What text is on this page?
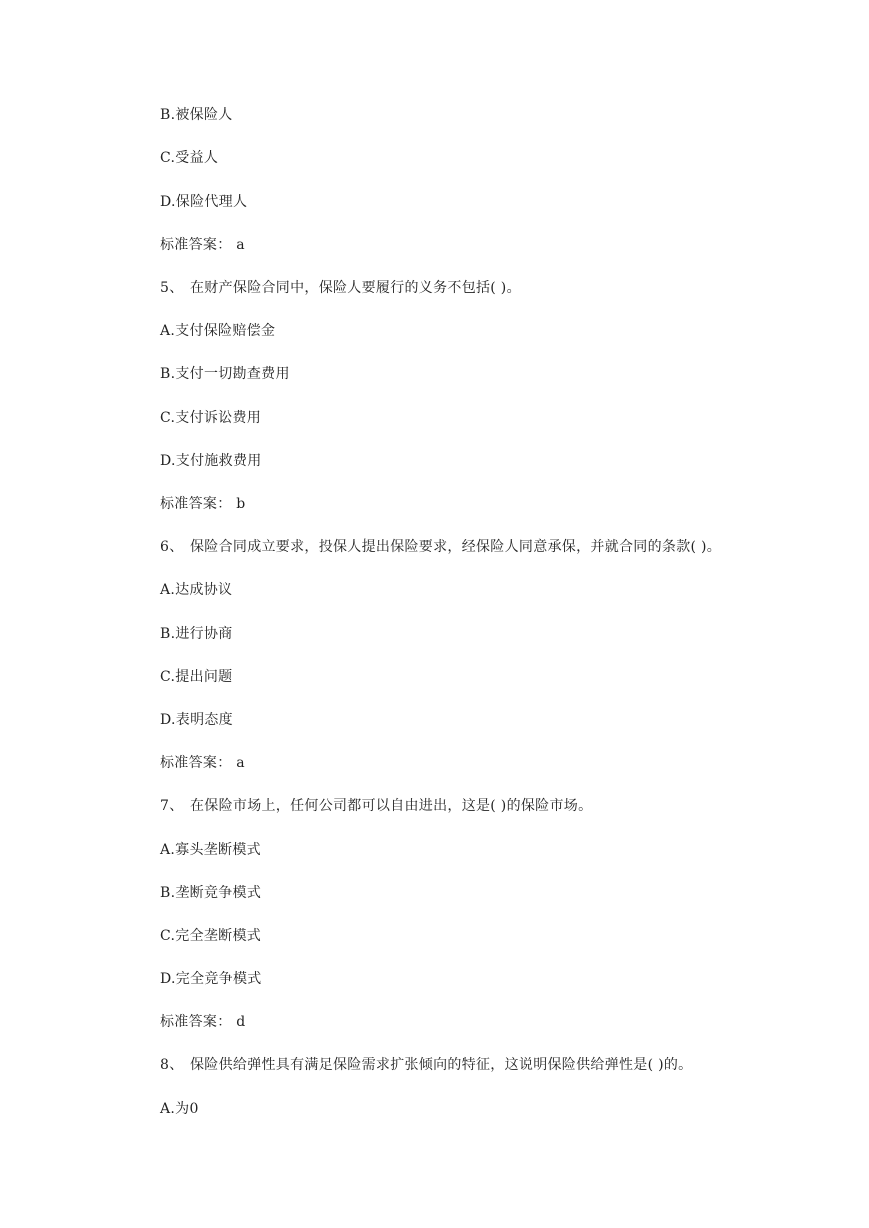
B.被保险人
C.受益人
D.保险代理人
标准答案： a
5、 在财产保险合同中，保险人要履行的义务不包括( )。
A.支付保险赔偿金
B.支付一切勘查费用
C.支付诉讼费用
D.支付施救费用
标准答案： b
6、 保险合同成立要求，投保人提出保险要求，经保险人同意承保，并就合同的条款( )。
A.达成协议
B.进行协商
C.提出问题
D.表明态度
标准答案： a
7、 在保险市场上，任何公司都可以自由进出，这是( )的保险市场。
A.寡头垄断模式
B.垄断竞争模式
C.完全垄断模式
D.完全竞争模式
标准答案： d
8、 保险供给弹性具有满足保险需求扩张倾向的特征，这说明保险供给弹性是( )的。
A.为0
